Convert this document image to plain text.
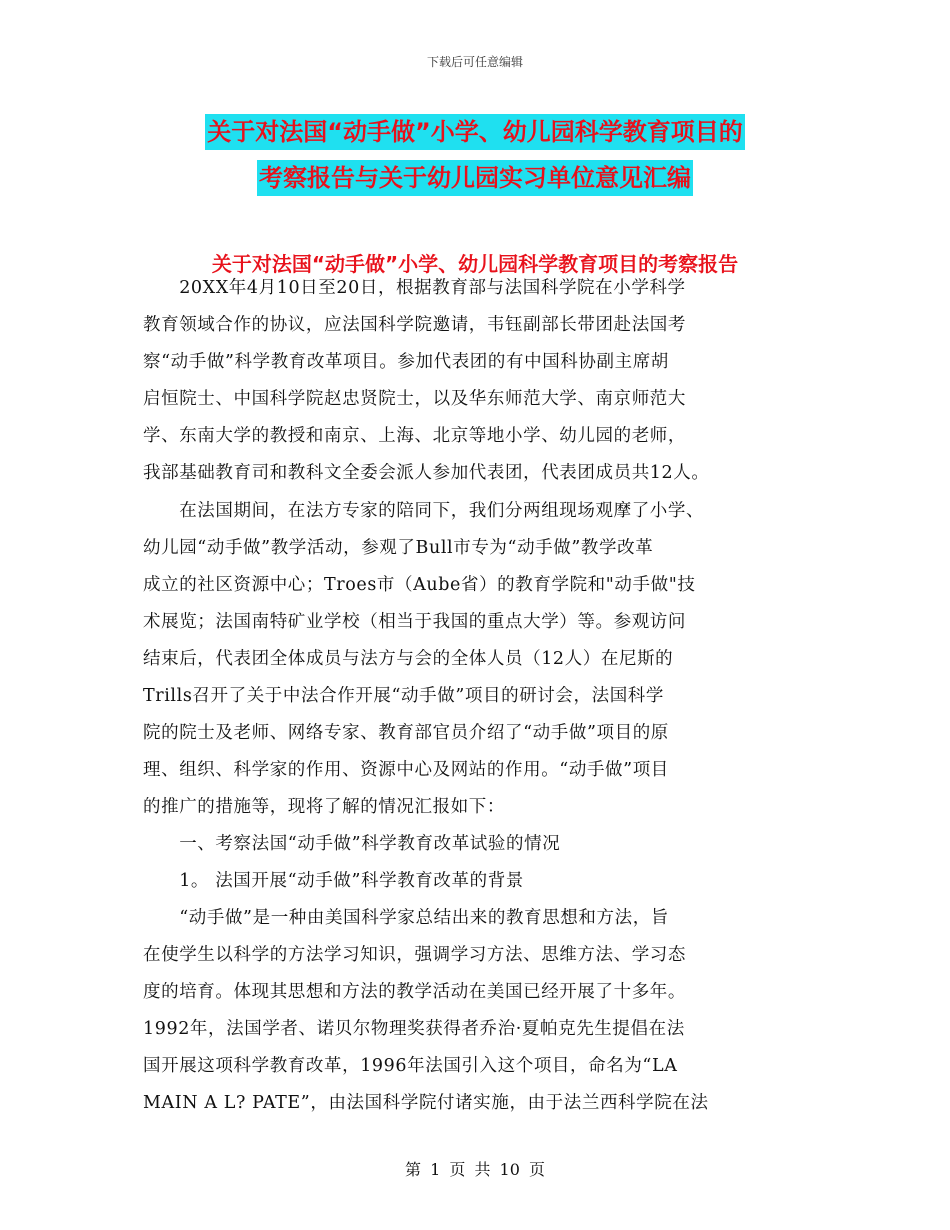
下载后可任意编辑
关于对法国“动手做”小学、幼儿园科学教育项目的
考察报告与关于幼儿园实习单位意见汇编
关于对法国“动手做”小学、幼儿园科学教育项目的考察报告
　　20XX年4月10日至20日，根据教育部与法国科学院在小学科学
教育领域合作的协议，应法国科学院邀请，韦钰副部长带团赴法国考
察“动手做”科学教育改革项目。参加代表团的有中国科协副主席胡
启恒院士、中国科学院赵忠贤院士，以及华东师范大学、南京师范大
学、东南大学的教授和南京、上海、北京等地小学、幼儿园的老师，
我部基础教育司和教科文全委会派人参加代表团，代表团成员共12人。
　　在法国期间，在法方专家的陪同下，我们分两组现场观摩了小学、
幼儿园“动手做”教学活动，参观了Bull市专为“动手做”教学改革
成立的社区资源中心；Troes市（Aube省）的教育学院和"动手做"技
术展览；法国南特矿业学校（相当于我国的重点大学）等。参观访问
结束后，代表团全体成员与法方与会的全体人员（12人）在尼斯的
Trills召开了关于中法合作开展“动手做”项目的研讨会，法国科学
院的院士及老师、网络专家、教育部官员介绍了“动手做”项目的原
理、组织、科学家的作用、资源中心及网站的作用。“动手做”项目
的推广的措施等，现将了解的情况汇报如下：
　　一、考察法国“动手做”科学教育改革试验的情况
　　1。 法国开展“动手做”科学教育改革的背景
　　“动手做”是一种由美国科学家总结出来的教育思想和方法，旨
在使学生以科学的方法学习知识，强调学习方法、思维方法、学习态
度的培育。体现其思想和方法的教学活动在美国已经开展了十多年。
1992年，法国学者、诺贝尔物理奖获得者乔治·夏帕克先生提倡在法
国开展这项科学教育改革，1996年法国引入这个项目，命名为“LA
MAIN A L? PATE”，由法国科学院付诸实施，由于法兰西科学院在法
第 1 页 共 10 页
